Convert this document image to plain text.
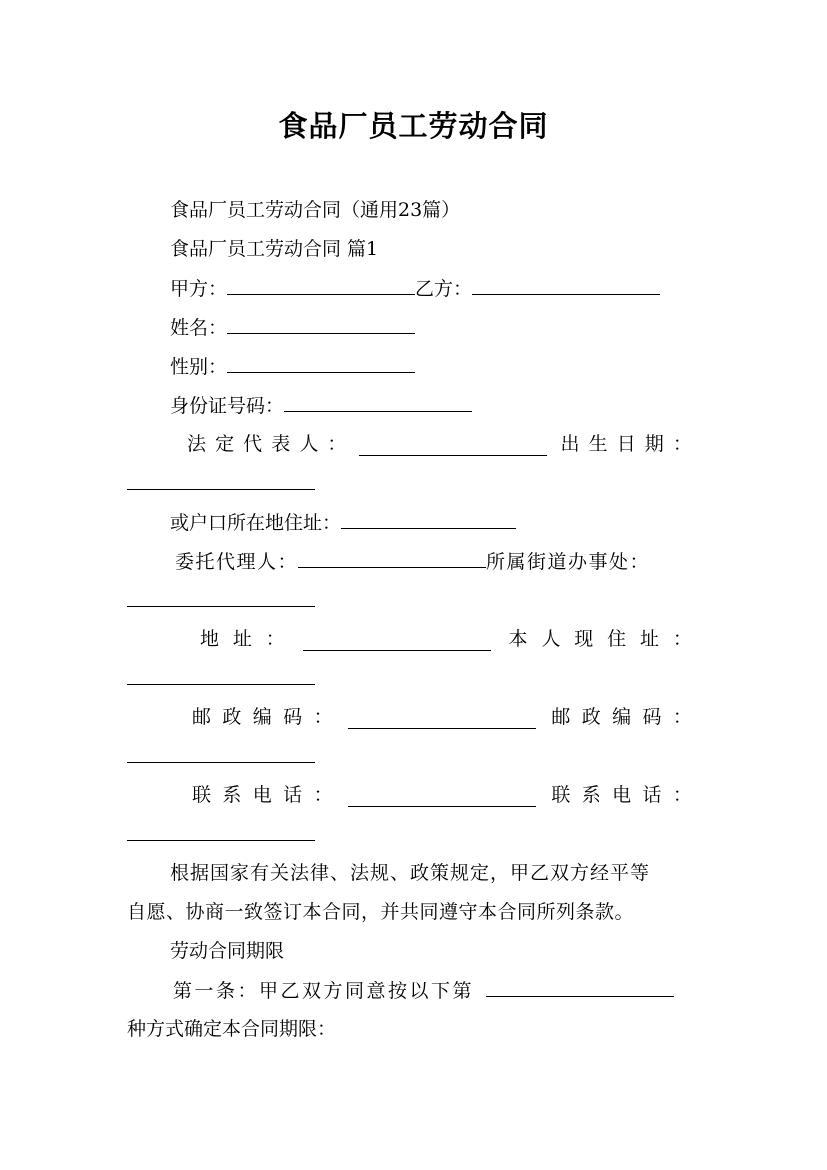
食品厂员工劳动合同
食品厂员工劳动合同（通用23篇）
食品厂员工劳动合同 篇1
甲方：	乙方：
姓名：
性别：
身份证号码：
法 定 代 表 人 ：	出 生 日 期 ：
或户口所在地住址：
委托代理人：	所属街道办事处：
地 址 ：	本 人 现 住 址 ：
邮 政 编 码 ：	邮 政 编 码 ：
联 系 电 话 ：	联 系 电 话 ：
根据国家有关法律、法规、政策规定，甲乙双方经平等
自愿、协商一致签订本合同，并共同遵守本合同所列条款。
劳动合同期限
第一条：甲乙双方同意按以下第
种方式确定本合同期限：
